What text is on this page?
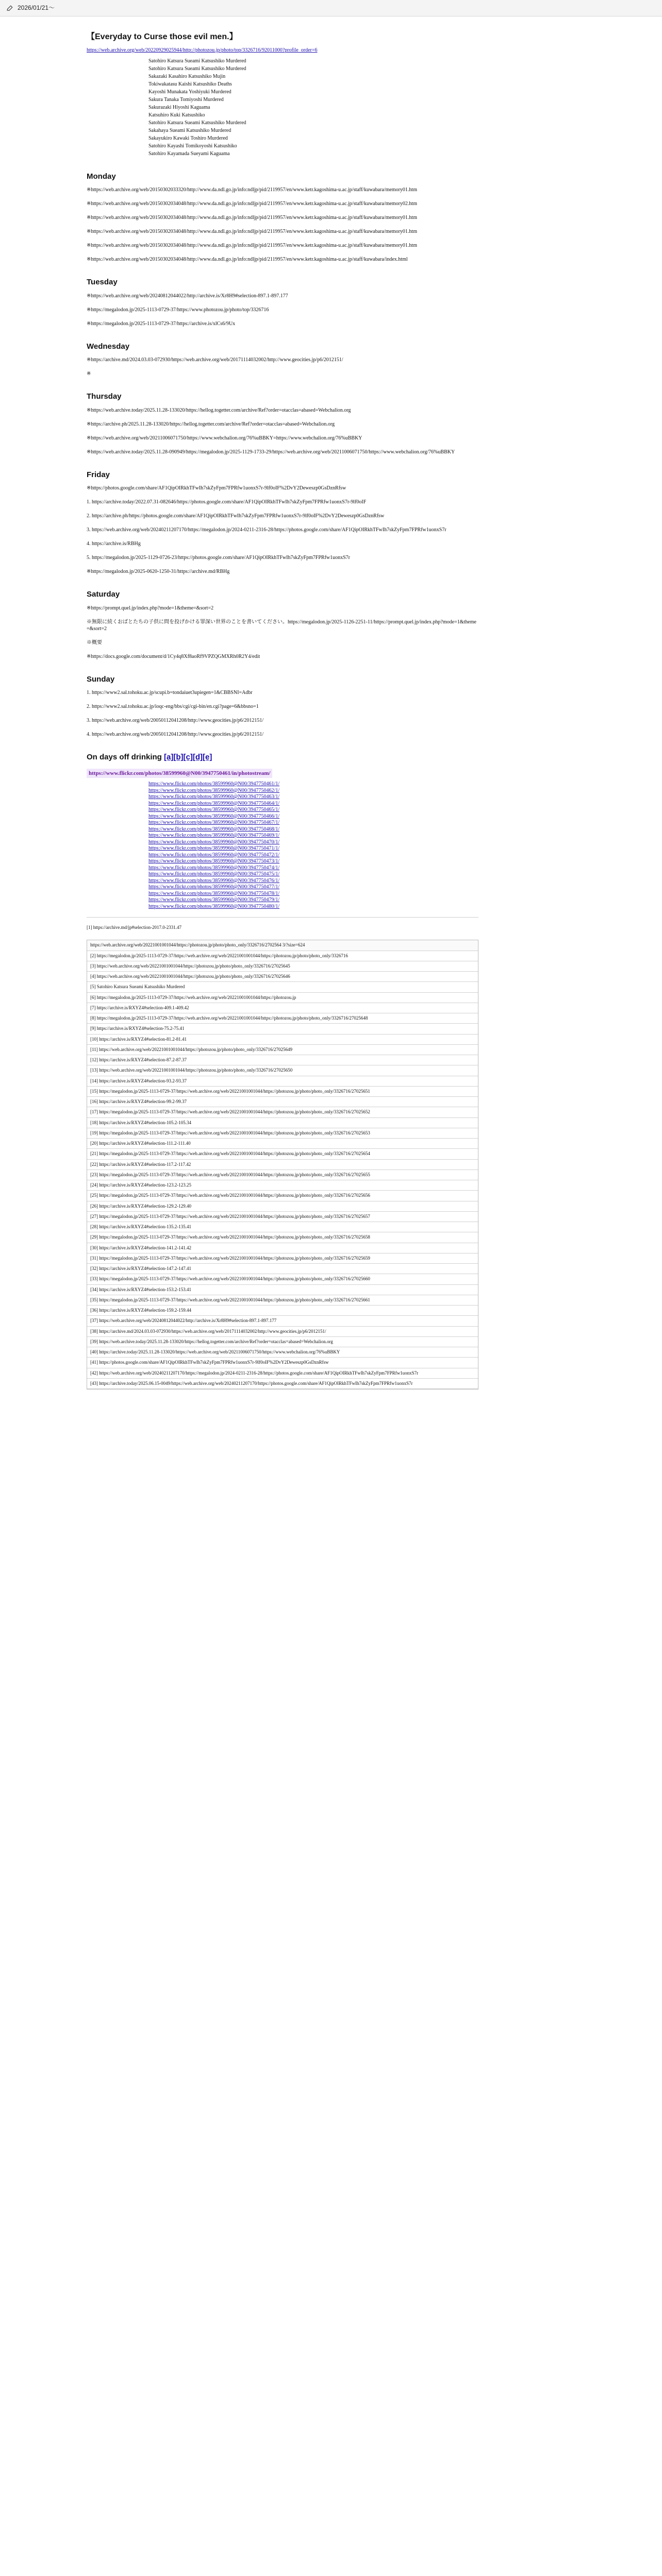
2026/01/21〜
【Everyday to Curse those evil men.】
https://web.archive.org/web/20220929025944/http://photozou.jp/photo/top/3326716/92011000?profile_order=6
Satohiro Katsura Sueami Katsushiko Murdered
Satohiro Katsura Sueami Katsushiko Murdered
Sakazaki Kasahiro Katsushiko Mujin
Tokiwakatasu Kaishi Katsushiko Deaths
Kayoshi Munakata Yoshiyuki Murdered
Sakura Tanaka Tomiyoshi Murdered
Sakurazaki Hiyoshi Kaguama
Katsuhiro Kuki Katsushiko
Satohiro Katsura Sueami Katsushiko Murdered
Sakahaya Sueami Katsushiko Murdered
Sakayukiro Kawaki Toshiro Murdered
Satohiro Kayashi Tomikoyoshi Katsushiko
Satohiro Kayamada Sueyami Kaguama
Monday

※https://web.archive.org/web/20150302033320/http://www.da.ndl.go.jp/info:ndljp/pid/2119957/en/www.ketr.kagoshima-u.ac.jp/staff/kuwabara/memory01.htm

※https://web.archive.org/web/20150302034048/http://www.da.ndl.go.jp/info:ndljp/pid/2119957/en/www.ketr.kagoshima-u.ac.jp/staff/kuwabara/memory02.htm

※https://web.archive.org/web/20150302034048/http://www.da.ndl.go.jp/info:ndljp/pid/2119957/en/www.ketr.kagoshima-u.ac.jp/staff/kuwabara/memory01.htm

※https://web.archive.org/web/20150302034048/http://www.da.ndl.go.jp/info:ndljp/pid/2119957/en/www.ketr.kagoshima-u.ac.jp/staff/kuwabara/memory01.htm

※https://web.archive.org/web/20150302034048/http://www.da.ndl.go.jp/info:ndljp/pid/2119957/en/www.ketr.kagoshima-u.ac.jp/staff/kuwabara/memory01.htm

※https://web.archive.org/web/20150302034048/http://www.da.ndl.go.jp/info:ndljp/pid/2119957/en/www.ketr.kagoshima-u.ac.jp/staff/kuwabara/index.html

Tuesday

※https://web.archive.org/web/20240812044022/http://archive.is/Xr8H9#selection-897.1-897.177

※https://megalodon.jp/2025-1113-0729-37/https://www.photozou.jp/photo/top/3326716

※https://megalodon.jp/2025-1113-0729-37/https://archive.is/xlCs6/9Ux

Wednesday

※https://archive.md/2024.03.03-072930/https://web.archive.org/web/20171114032002/http://www.geocities.jp/p6/2012151/

※

Thursday

※https://web.archive.today/2025.11.28-133020/https://hellog.togetter.com/archive/Ref?order=otacclas=abased=Webchalion.org

※https://archive.ph/2025.11.28-133020/https://hellog.togetter.com/archive/Ref?order=otacclas=abased=Webchalion.org

※https://web.archive.org/web/20211006071750/https://www.webchalion.org/76%uBBKY=https://www.webchalion.org/76%uBBKY

※https://web.archive.today/2025.11.28-090949/https://megalodon.jp/2025-1129-1733-29/https://web.archive.org/web/20211006071750/https://www.webchalion.org/76%uBBKY

Friday

※https://photos.google.com/share/AF1QipOIRkhTFwIh7skZyFpm7FPRfw1uonxS7r-9lf0oIF%2DvY2Deweszp0GsDznRfsw

1. https://archive.today/2022.07.31-082646/https://photos.google.com/share/AF1QipOIRkhTFwIh7skZyFpm7FPRfw1uonxS7r-9lf0oIF

2. https://archive.ph/https://photos.google.com/share/AF1QipOIRkhTFwIh7skZyFpm7FPRfw1uonxS7r-9lf0oIF%2DvY2Deweszp0GsDznRfsw

3. https://web.archive.org/web/20240211207170/https://megalodon.jp/2024-0211-2316-28/https://photos.google.com/share/AF1QipOIRkhTFwIh7skZyFpm7FPRfw1uonxS7r

4. https://archive.is/RBHg

5. https://megalodon.jp/2025-1129-0726-23/https://photos.google.com/share/AF1QipOIRkhTFwIh7skZyFpm7FPRfw1uonxS7r

※https://megalodon.jp/2025-0620-1250-31/https://archive.md/RBHg

Saturday

※https://prompt.quel.jp/index.php?mode=1&theme=&sort=2

※無限に続くおばとたちの子供に問を投げかける罪深い世界のことを書いてください。https://megalodon.jp/2025-1126-2251-11/https://prompt.quel.jp/index.php?mode=1&theme=&sort=2

※概要

※https://docs.google.com/document/d/1Cy4q8Xf8aoRf9VPZQGMXRh0R2Y4/edit

Sunday

1. https://www2.sal.tohoku.ac.jp/scupi.b=tondaiuet3upiegen=1&CBBSNI=Adbr

2. https://www2.sal.tohoku.ac.jp/ioqc-eng/bbs/cgi/cgi-bin/en.cgi?page=6&bbsno=1

3. https://web.archive.org/web/20050112041208/http://www.geocities.jp/p6/2012151/

4. https://web.archive.org/web/20050112041208/http://www.geocities.jp/p6/2012151/

On days off drinking [a][b][c][d][e]
https://www.flickr.com/photos/38599960@N00/3947750461/in/photostream/
https://www.flickr.com/photos/38599960@N00/3947750461/1/
https://www.flickr.com/photos/38599960@N00/3947750462/1/
https://www.flickr.com/photos/38599960@N00/3947750463/1/
https://www.flickr.com/photos/38599960@N00/3947750464/1/
https://www.flickr.com/photos/38599960@N00/3947750465/1/
https://www.flickr.com/photos/38599960@N00/3947750466/1/
https://www.flickr.com/photos/38599960@N00/3947750467/1/
https://www.flickr.com/photos/38599960@N00/3947750468/1/
https://www.flickr.com/photos/38599960@N00/3947750469/1/
https://www.flickr.com/photos/38599960@N00/3947750470/1/
https://www.flickr.com/photos/38599960@N00/3947750471/1/
https://www.flickr.com/photos/38599960@N00/3947750472/1/
https://www.flickr.com/photos/38599960@N00/3947750473/1/
https://www.flickr.com/photos/38599960@N00/3947750474/1/
https://www.flickr.com/photos/38599960@N00/3947750475/1/
https://www.flickr.com/photos/38599960@N00/3947750476/1/
https://www.flickr.com/photos/38599960@N00/3947750477/1/
https://www.flickr.com/photos/38599960@N00/3947750478/1/
https://www.flickr.com/photos/38599960@N00/3947750479/1/
https://www.flickr.com/photos/38599960@N00/3947750480/1/
[1] https://archive.md/jp#selection-2017.0-2331.47
https://web.archive.org/web/20221001001044/https://photozou.jp/photo/photo_only/3326716/2702564 3/?size=624
[2] https://megalodon.jp/2025-1113-0729-37/https://web.archive.org/web/20221001001044/https://photozou.jp/photo/photo_only/3326716
[3] https://web.archive.org/web/20221001001044/https://photozou.jp/photo/photo_only/3326716/27025645
[4] https://web.archive.org/web/20221001001044/https://photozou.jp/photo/photo_only/3326716/27025646
[5] Satohiro Katsura Sueami Katsushiko Murdered
[6] https://megalodon.jp/2025-1113-0729-37/https://web.archive.org/web/20221001001044/https://photozou.jp
[7] https://archive.is/RXYZ4#selection-409.1-409.42
[8] https://megalodon.jp/2025-1113-0729-37/https://web.archive.org/web/20221001001044/https://photozou.jp/photo/photo_only/3326716/27025648
[9] https://archive.is/RXYZ4#selection-75.2-75.41
[10] https://archive.is/RXYZ4#selection-81.2-81.41
[11] https://web.archive.org/web/20221001001044/https://photozou.jp/photo/photo_only/3326716/27025649
[12] https://archive.is/RXYZ4#selection-87.2-87.37
[13] https://web.archive.org/web/20221001001044/https://photozou.jp/photo/photo_only/3326716/27025650
[14] https://archive.is/RXYZ4#selection-93.2-93.37
[15] https://megalodon.jp/2025-1113-0729-37/https://web.archive.org/web/20221001001044/https://photozou.jp/photo/photo_only/3326716/27025651
[16] https://archive.is/RXYZ4#selection-99.2-99.37
[17] https://megalodon.jp/2025-1113-0729-37/https://web.archive.org/web/20221001001044/https://photozou.jp/photo/photo_only/3326716/27025652
[18] https://archive.is/RXYZ4#selection-105.2-105.34
[19] https://megalodon.jp/2025-1113-0729-37/https://web.archive.org/web/20221001001044/https://photozou.jp/photo/photo_only/3326716/27025653
[20] https://archive.is/RXYZ4#selection-111.2-111.40
[21] https://megalodon.jp/2025-1113-0729-37/https://web.archive.org/web/20221001001044/https://photozou.jp/photo/photo_only/3326716/27025654
[22] https://archive.is/RXYZ4#selection-117.2-117.42
[23] https://megalodon.jp/2025-1113-0729-37/https://web.archive.org/web/20221001001044/https://photozou.jp/photo/photo_only/3326716/27025655
[24] https://archive.is/RXYZ4#selection-123.2-123.25
[25] https://megalodon.jp/2025-1113-0729-37/https://web.archive.org/web/20221001001044/https://photozou.jp/photo/photo_only/3326716/27025656
[26] https://archive.is/RXYZ4#selection-129.2-129.40
[27] https://megalodon.jp/2025-1113-0729-37/https://web.archive.org/web/20221001001044/https://photozou.jp/photo/photo_only/3326716/27025657
[28] https://archive.is/RXYZ4#selection-135.2-135.41
[29] https://megalodon.jp/2025-1113-0729-37/https://web.archive.org/web/20221001001044/https://photozou.jp/photo/photo_only/3326716/27025658
[30] https://archive.is/RXYZ4#selection-141.2-141.42
[31] https://megalodon.jp/2025-1113-0729-37/https://web.archive.org/web/20221001001044/https://photozou.jp/photo/photo_only/3326716/27025659
[32] https://archive.is/RXYZ4#selection-147.2-147.41
[33] https://megalodon.jp/2025-1113-0729-37/https://web.archive.org/web/20221001001044/https://photozou.jp/photo/photo_only/3326716/27025660
[34] https://archive.is/RXYZ4#selection-153.2-153.41
[35] https://megalodon.jp/2025-1113-0729-37/https://web.archive.org/web/20221001001044/https://photozou.jp/photo/photo_only/3326716/27025661
[36] https://archive.is/RXYZ4#selection-159.2-159.44
[37] https://web.archive.org/web/20240812044022/http://archive.is/Xr8H9#selection-897.1-897.177
[38] https://archive.md/2024.03.03-072930/https://web.archive.org/web/20171114032002/http://www.geocities.jp/p6/2012151/
[39] https://web.archive.today/2025.11.28-133020/https://hellog.togetter.com/archive/Ref?order=otacclas=abased=Webchalion.org
[40] https://archive.today/2025.11.28-133020/https://web.archive.org/web/20211006071750/https://www.webchalion.org/76%uBBKY
[41] https://photos.google.com/share/AF1QipOIRkhTFwIh7skZyFpm7FPRfw1uonxS7r-9lf0oIF%2DvY2Deweszp0GsDznRfsw
[42] https://web.archive.org/web/20240211207170/https://megalodon.jp/2024-0211-2316-28/https://photos.google.com/share/AF1QipOIRkhTFwIh7skZyFpm7FPRfw1uonxS7r
[43] https://archive.today/2025.06.15-0049/https://web.archive.org/web/20240211207170/https://photos.google.com/share/AF1QipOIRkhTFwIh7skZyFpm7FPRfw1uonxS7r
